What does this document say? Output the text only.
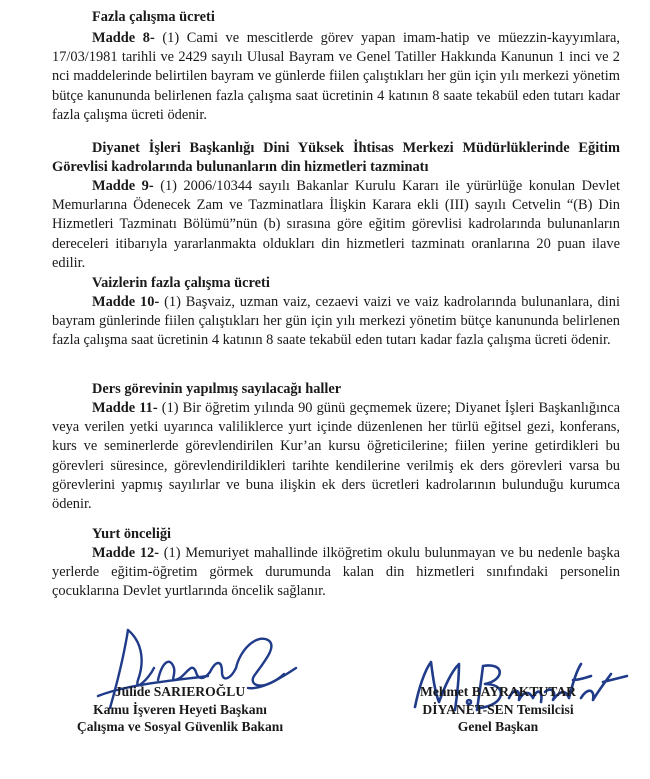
Fazla çalışma ücreti
Madde 8- (1) Cami ve mescitlerde görev yapan imam-hatip ve müezzin-kayyımlara, 17/03/1981 tarihli ve 2429 sayılı Ulusal Bayram ve Genel Tatiller Hakkında Kanunun 1 inci ve 2 nci maddelerinde belirtilen bayram ve günlerde fiilen çalıştıkları her gün için yılı merkezi yönetim bütçe kanununda belirlenen fazla çalışma saat ücretinin 4 katının 8 saate tekabül eden tutarı kadar fazla çalışma ücreti ödenir.
Diyanet İşleri Başkanlığı Dini Yüksek İhtisas Merkezi Müdürlüklerinde Eğitim Görevlisi kadrolarında bulunanların din hizmetleri tazminatı
Madde 9- (1) 2006/10344 sayılı Bakanlar Kurulu Kararı ile yürürlüğe konulan Devlet Memurlarına Ödenecek Zam ve Tazminatlara İlişkin Karara ekli (III) sayılı Cetvelin “(B) Din Hizmetleri Tazminatı Bölümü”nün (b) sırasına göre eğitim görevlisi kadrolarında bulunanların dereceleri itibarıyla yararlanmakta oldukları din hizmetleri tazminatı oranlarına 20 puan ilave edilir.
Vaizlerin fazla çalışma ücreti
Madde 10- (1) Başvaiz, uzman vaiz, cezaevi vaizi ve vaiz kadrolarında bulunanlara, dini bayram günlerinde fiilen çalıştıkları her gün için yılı merkezi yönetim bütçe kanununda belirlenen fazla çalışma saat ücretinin 4 katının 8 saate tekabül eden tutarı kadar fazla çalışma ücreti ödenir.
Ders görevinin yapılmış sayılacağı haller
Madde 11- (1) Bir öğretim yılında 90 günü geçmemek üzere; Diyanet İşleri Başkanlığınca veya verilen yetki uyarınca valiliklerce yurt içinde düzenlenen her türlü eğitsel gezi, konferans, kurs ve seminerlerde görevlendirilen Kur’an kursu öğreticilerine; fiilen yerine getirdikleri bu görevleri süresince, görevlendirildikleri tarihte kendilerine verilmiş ek ders görevleri varsa bu görevlerini yapmış sayılırlar ve buna ilişkin ek ders ücretleri kadrolarının bulunduğu kurumca ödenir.
Yurt önceliği
Madde 12- (1) Memuriyet mahallinde ilköğretim okulu bulunmayan ve bu nedenle başka yerlerde eğitim-öğretim görmek durumunda kalan din hizmetleri sınıfındaki personelin çocuklarına Devlet yurtlarında öncelik sağlanır.
Jülide SARIEROĞLU
Kamu İşveren Heyeti Başkanı
Çalışma ve Sosyal Güvenlik Bakanı
Mehmet BAYRAKTUTAR
DİYANET-SEN Temsilcisi
Genel Başkan
